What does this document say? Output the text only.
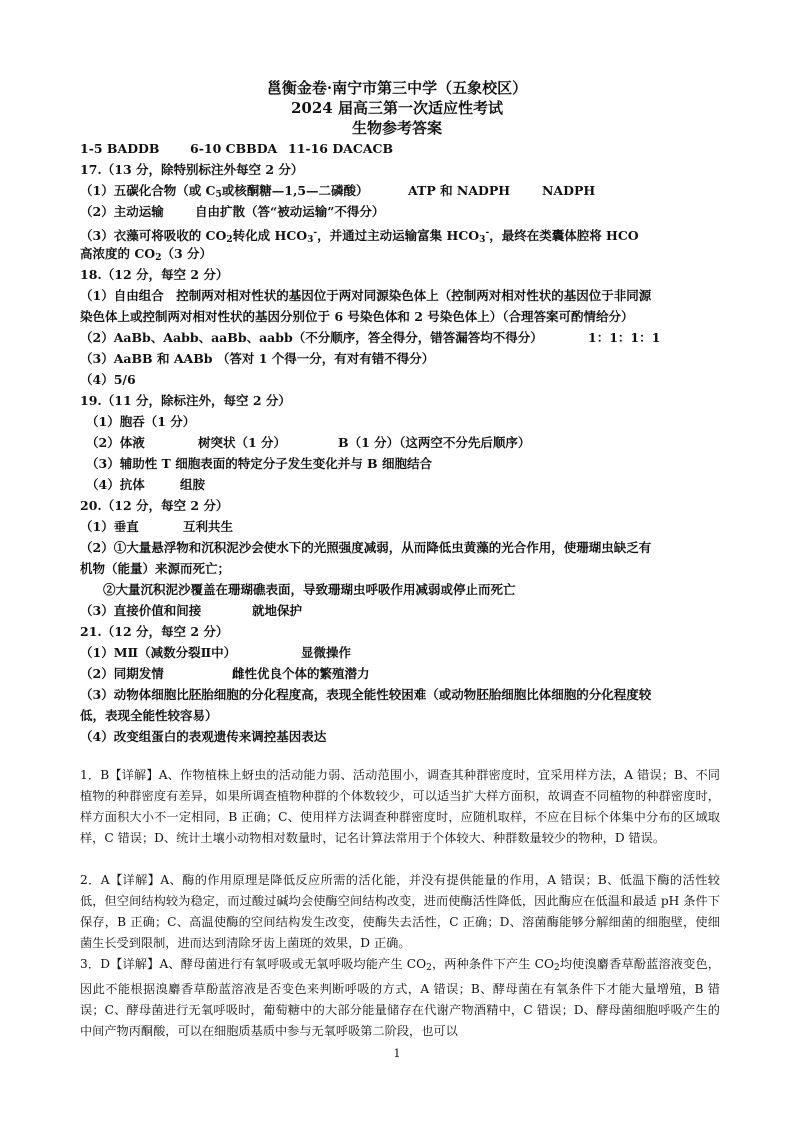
邕衡金卷·南宁市第三中学（五象校区）
2024 届高三第一次适应性考试
生物参考答案
1-5 BADDB 6-10 CBBDA 11-16 DACACB
17.（13 分，除特别标注外每空 2 分）
（1）五碳化合物（或 $C_5$或核酮糖—1,5—二磷酸）	ATP 和 NADPH	NADPH
（2）主动运输	自由扩散（答“被动运输”不得分）
（3）衣藻可将吸收的 $CO_2$转化成 $HCO_3^-$，并通过主动运输富集 $HCO_3^-$，最终在类囊体腔将 HCO
高浓度的 $CO_2(3$ 分）
18.（12 分，每空 2 分）
（1）自由组合　控制两对相对性状的基因位于两对同源染色体上（控制两对相对性状的基因位于非同源
染色体上或控制两对相对性状的基因分别位于 6 号染色体和 2 号染色体上）（合理答案可酌情给分）
（2）AaBb、Aabb、aaBb、aabb（不分顺序，答全得分，错答漏答均不得分）	1：1：1：1
（3）AaBB 和 AABb （答对 1 个得一分，有对有错不得分）
（4）5/6
19.（11 分，除标注外，每空 2 分）
（1）胞吞（1 分）
（2）体液	树突状（1 分）	B（1 分）（这两空不分先后顺序）
（3）辅助性 T 细胞表面的特定分子发生变化并与 B 细胞结合
（4）抗体	组胺
20.（12 分，每空 2 分）
（1）垂直	互利共生
（2）①大量悬浮物和沉积泥沙会使水下的光照强度减弱，从而降低虫黄藻的光合作用，使珊瑚虫缺乏有
机物（能量）来源而死亡；
②大量沉积泥沙覆盖在珊瑚礁表面，导致珊瑚虫呼吸作用减弱或停止而死亡
（3）直接价值和间接	就地保护
21.（12 分，每空 2 分）
（1）MⅡ（减数分裂Ⅱ中）	显微操作
（2）同期发情	雌性优良个体的繁殖潜力
（3）动物体细胞比胚胎细胞的分化程度高，表现全能性较困难（或动物胚胎细胞比体细胞的分化程度较
低，表现全能性较容易）
（4）改变组蛋白的表观遗传来调控基因表达
1．B【详解】A、作物植株上蚜虫的活动能力弱、活动范围小，调查其种群密度时，宜采用样方法，A 错误；B、不同植物的种群密度有差异，如果所调查植物种群的个体数较少，可以适当扩大样方面积，故调查不同植物的种群密度时，样方面积大小不一定相同，B 正确；C、使用样方法调查种群密度时，应随机取样，不应在目标个体集中分布的区域取样，C 错误；D、统计土壤小动物相对数量时，记名计算法常用于个体较大、种群数量较少的物种，D 错误。
2．A【详解】A、酶的作用原理是降低反应所需的活化能，并没有提供能量的作用，A 错误；B、低温下酶的活性较低，但空间结构较为稳定，而过酸过碱均会使酶空间结构改变，进而使酶活性降低，因此酶应在低温和最适 pH 条件下保存，B 正确；C、高温使酶的空间结构发生改变，使酶失去活性，C 正确；D、溶菌酶能够分解细菌的细胞壁，使细菌生长受到限制，进而达到清除牙齿上菌斑的效果，D 正确。
3．D【详解】A、酵母菌进行有氧呼吸或无氧呼吸均能产生 $CO_2$，两种条件下产生 $CO_2$均使溴麝香草酚蓝溶液变色，因此不能根据溴麝香草酚蓝溶液是否变色来判断呼吸的方式，A 错误；B、酵母菌在有氧条件下才能大量增殖，B 错误；C、酵母菌进行无氧呼吸时，葡萄糖中的大部分能量储存在代谢产物酒精中，C 错误；D、酵母菌细胞呼吸产生的中间产物丙酮酸，可以在细胞质基质中参与无氧呼吸第二阶段，也可以
1
